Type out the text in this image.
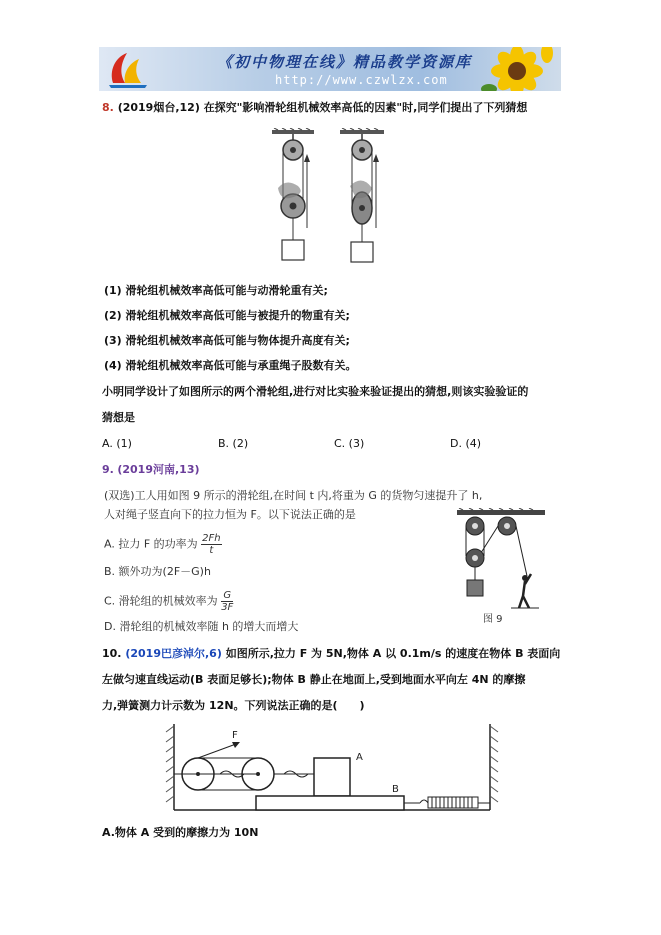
《初中物理在线》精品教学资源库
http://www.czwlzx.com
8. (2019烟台,12) 在探究"影响滑轮组机械效率高低的因素"时,同学们提出了下列猜想
(1) 滑轮组机械效率高低可能与动滑轮重有关;
(2) 滑轮组机械效率高低可能与被提升的物重有关;
(3) 滑轮组机械效率高低可能与物体提升高度有关;
(4) 滑轮组机械效率高低可能与承重绳子股数有关。
小明同学设计了如图所示的两个滑轮组,进行对比实验来验证提出的猜想,则该实验验证的
猜想是
A. (1)	B. (2)	C. (3)	D. (4)
9. (2019河南,13)
(双选)工人用如图 9 所示的滑轮组,在时间 t 内,将重为 G 的货物匀速提升了 h,
人对绳子竖直向下的拉力恒为 F。以下说法正确的是
A. 拉力 F 的功率为 $\frac{2Fh}{t}$
B. 额外功为(2F－G)h
C. 滑轮组的机械效率为 $\frac{G}{3F}$
D. 滑轮组的机械效率随 h 的增大而增大
图 9
10. (2019巴彦淖尔,6) 如图所示,拉力 F 为 5N,物体 A 以 0.1m/s 的速度在物体 B 表面向
左做匀速直线运动(B 表面足够长);物体 B 静止在地面上,受到地面水平向左 4N 的摩擦
力,弹簧测力计示数为 12N。下列说法正确的是(　　)
F
A
B
A.物体 A 受到的摩擦力为 10N
